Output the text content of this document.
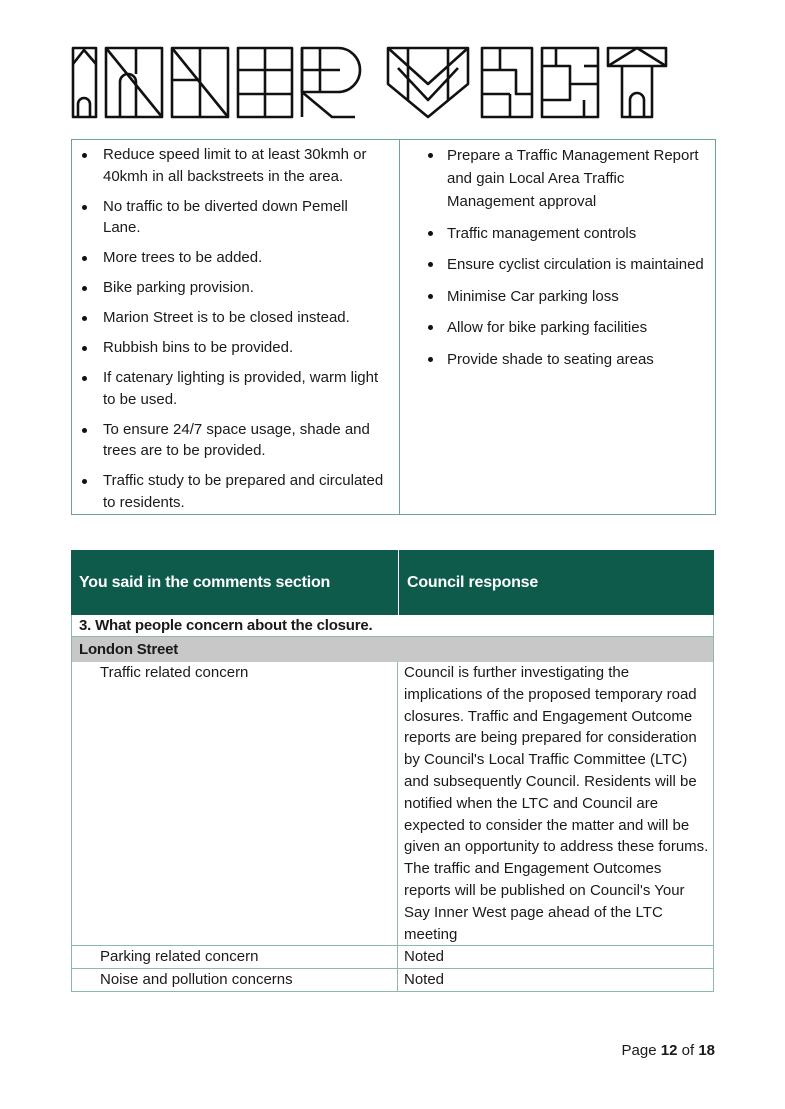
Reduce speed limit to at least 30kmh or 40kmh in all backstreets in the area.
No traffic to be diverted down Pemell Lane.
More trees to be added.
Bike parking provision.
Marion Street is to be closed instead.
Rubbish bins to be provided.
If catenary lighting is provided, warm light to be used.
To ensure 24/7 space usage, shade and trees are to be provided.
Traffic study to be prepared and circulated to residents.
Prepare a Traffic Management Report and gain Local Area Traffic Management approval
Traffic management controls
Ensure cyclist circulation is maintained
Minimise Car parking loss
Allow for bike parking facilities
Provide shade to seating areas
You said in the comments section	Council response
3. What people concern about the closure.
London Street
Traffic related concern	Council is further investigating the implications of the proposed temporary road closures. Traffic and Engagement Outcome reports are being prepared for consideration by Council's Local Traffic Committee (LTC) and subsequently Council. Residents will be notified when the LTC and Council are expected to consider the matter and will be given an opportunity to address these forums. The traffic and Engagement Outcomes reports will be published on Council's Your Say Inner West page ahead of the LTC meeting
Parking related concern	Noted
Noise and pollution concerns	Noted
Page 12 of 18
